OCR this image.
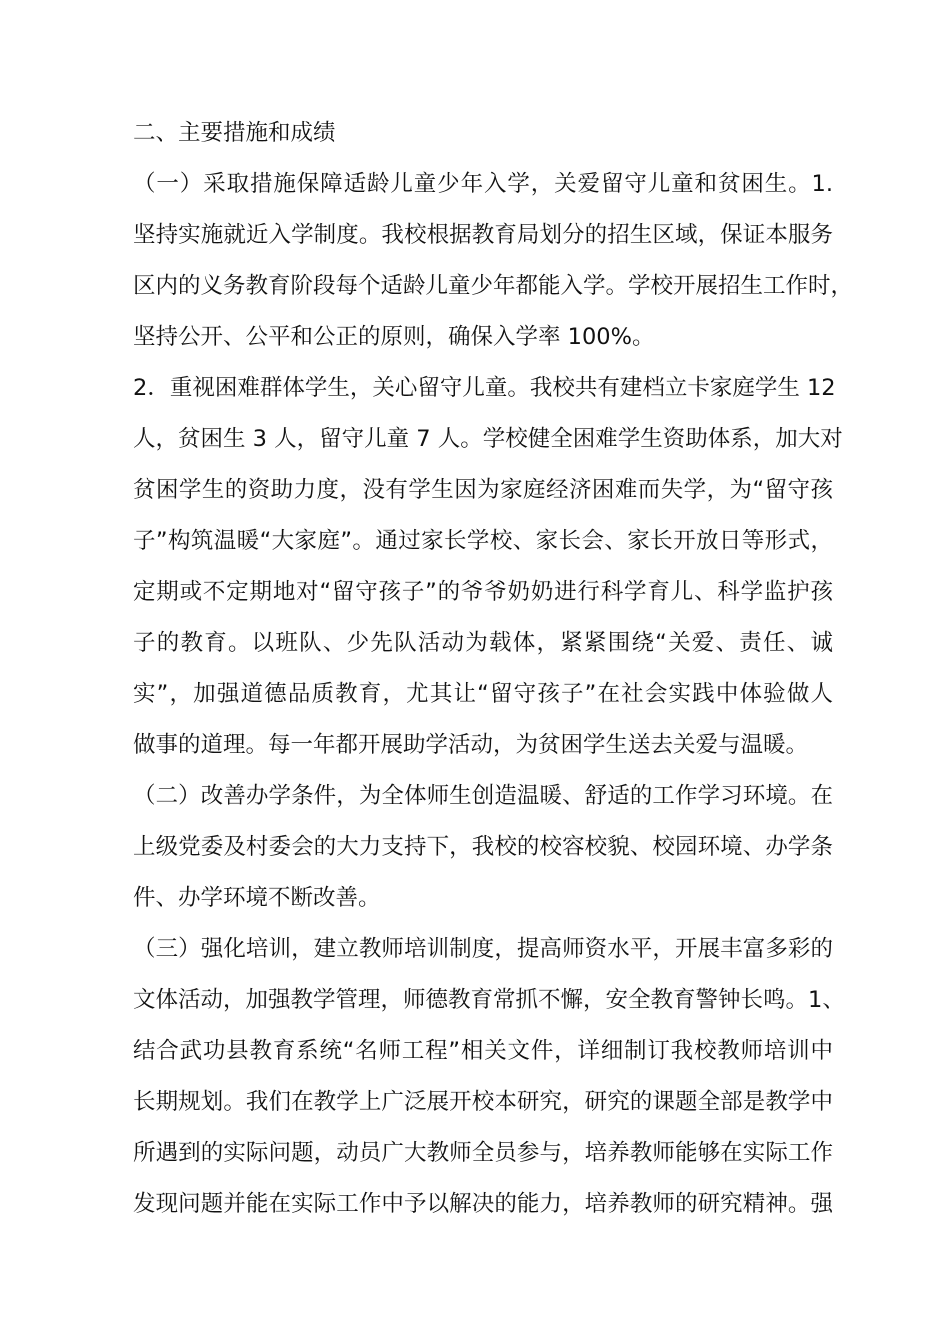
二、主要措施和成绩
（一）采取措施保障适龄儿童少年入学，关爱留守儿童和贫困生。1.
坚持实施就近入学制度。我校根据教育局划分的招生区域，保证本服务
区内的义务教育阶段每个适龄儿童少年都能入学。学校开展招生工作时，
坚持公开、公平和公正的原则，确保入学率 100%。
2．重视困难群体学生，关心留守儿童。我校共有建档立卡家庭学生 12
人，贫困生 3 人，留守儿童 7 人。学校健全困难学生资助体系，加大对
贫困学生的资助力度，没有学生因为家庭经济困难而失学，为“留守孩
子”构筑温暖“大家庭”。通过家长学校、家长会、家长开放日等形式，
定期或不定期地对“留守孩子”的爷爷奶奶进行科学育儿、科学监护孩
子的教育。以班队、少先队活动为载体，紧紧围绕“关爱、责任、诚
实”，加强道德品质教育，尤其让“留守孩子”在社会实践中体验做人
做事的道理。每一年都开展助学活动，为贫困学生送去关爱与温暖。
（二）改善办学条件，为全体师生创造温暖、舒适的工作学习环境。在
上级党委及村委会的大力支持下，我校的校容校貌、校园环境、办学条
件、办学环境不断改善。
（三）强化培训，建立教师培训制度，提高师资水平，开展丰富多彩的
文体活动，加强教学管理，师德教育常抓不懈，安全教育警钟长鸣。1、
结合武功县教育系统“名师工程”相关文件，详细制订我校教师培训中
长期规划。我们在教学上广泛展开校本研究，研究的课题全部是教学中
所遇到的实际问题，动员广大教师全员参与，培养教师能够在实际工作
发现问题并能在实际工作中予以解决的能力，培养教师的研究精神。强
